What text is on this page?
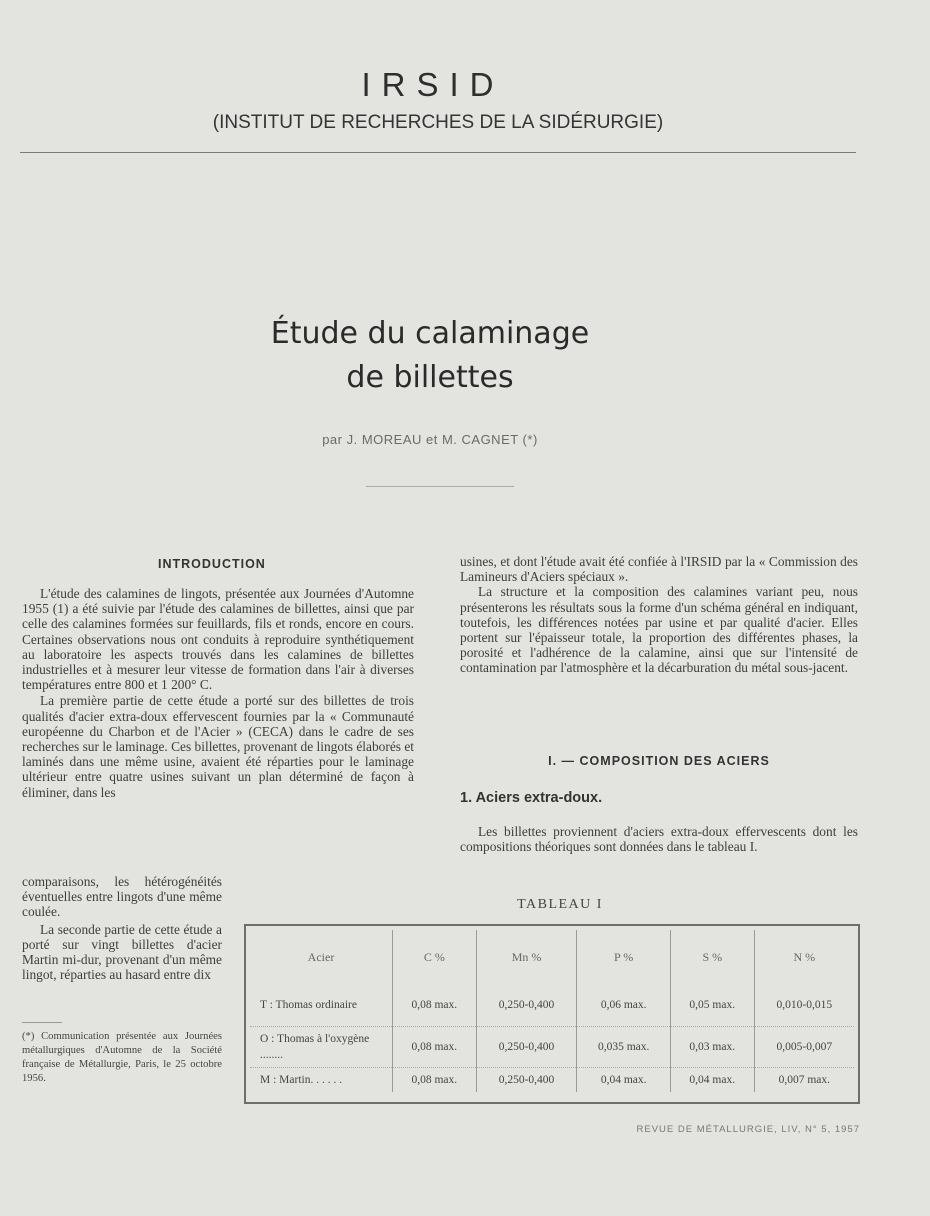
IRSID
(INSTITUT DE RECHERCHES DE LA SIDÉRURGIE)
Étude du calaminage
de billettes
par J. MOREAU et M. CAGNET (*)
INTRODUCTION

L'étude des calamines de lingots, présentée aux Journées d'Automne 1955 (1) a été suivie par l'étude des calamines de billettes, ainsi que par celle des calamines formées sur feuillards, fils et ronds, encore en cours. Certaines observations nous ont conduits à reproduire synthétiquement au laboratoire les aspects trouvés dans les calamines de billettes industrielles et à mesurer leur vitesse de formation dans l'air à diverses températures entre 800 et 1 200° C.

La première partie de cette étude a porté sur des billettes de trois qualités d'acier extra-doux effervescent fournies par la « Communauté européenne du Charbon et de l'Acier » (CECA) dans le cadre de ses recherches sur le laminage. Ces billettes, provenant de lingots élaborés et laminés dans une même usine, avaient été réparties pour le laminage ultérieur entre quatre usines suivant un plan déterminé de façon à éliminer, dans les

comparaisons, les hétérogénéités éventuelles entre lingots d'une même coulée.

La seconde partie de cette étude a porté sur vingt billettes d'acier Martin mi-dur, provenant d'un même lingot, réparties au hasard entre dix

(*) Communication présentée aux Journées métallurgiques d'Automne de la Société française de Métallurgie, Paris, le 25 octobre 1956.

usines, et dont l'étude avait été confiée à l'IRSID par la « Commission des Lamineurs d'Aciers spéciaux ».

La structure et la composition des calamines variant peu, nous présenterons les résultats sous la forme d'un schéma général en indiquant, toutefois, les différences notées par usine et par qualité d'acier. Elles portent sur l'épaisseur totale, la proportion des différentes phases, la porosité et l'adhérence de la calamine, ainsi que sur l'intensité de contamination par l'atmosphère et la décarburation du métal sous-jacent.

I. — COMPOSITION DES ACIERS
1. Aciers extra-doux.

Les billettes proviennent d'aciers extra-doux effervescents dont les compositions théoriques sont données dans le tableau I.

TABLEAU I
Acier	C %	Mn %	P %	S %	N %
T : Thomas ordinaire	0,08 max.	0,250-0,400	0,06 max.	0,05 max.	0,010-0,015
O : Thomas à l'oxygène ........	0,08 max.	0,250-0,400	0,035 max.	0,03 max.	0,005-0,007
M : Martin. . . . . .	0,08 max.	0,250-0,400	0,04 max.	0,04 max.	0,007 max.
REVUE DE MÉTALLURGIE, LIV, N° 5, 1957
